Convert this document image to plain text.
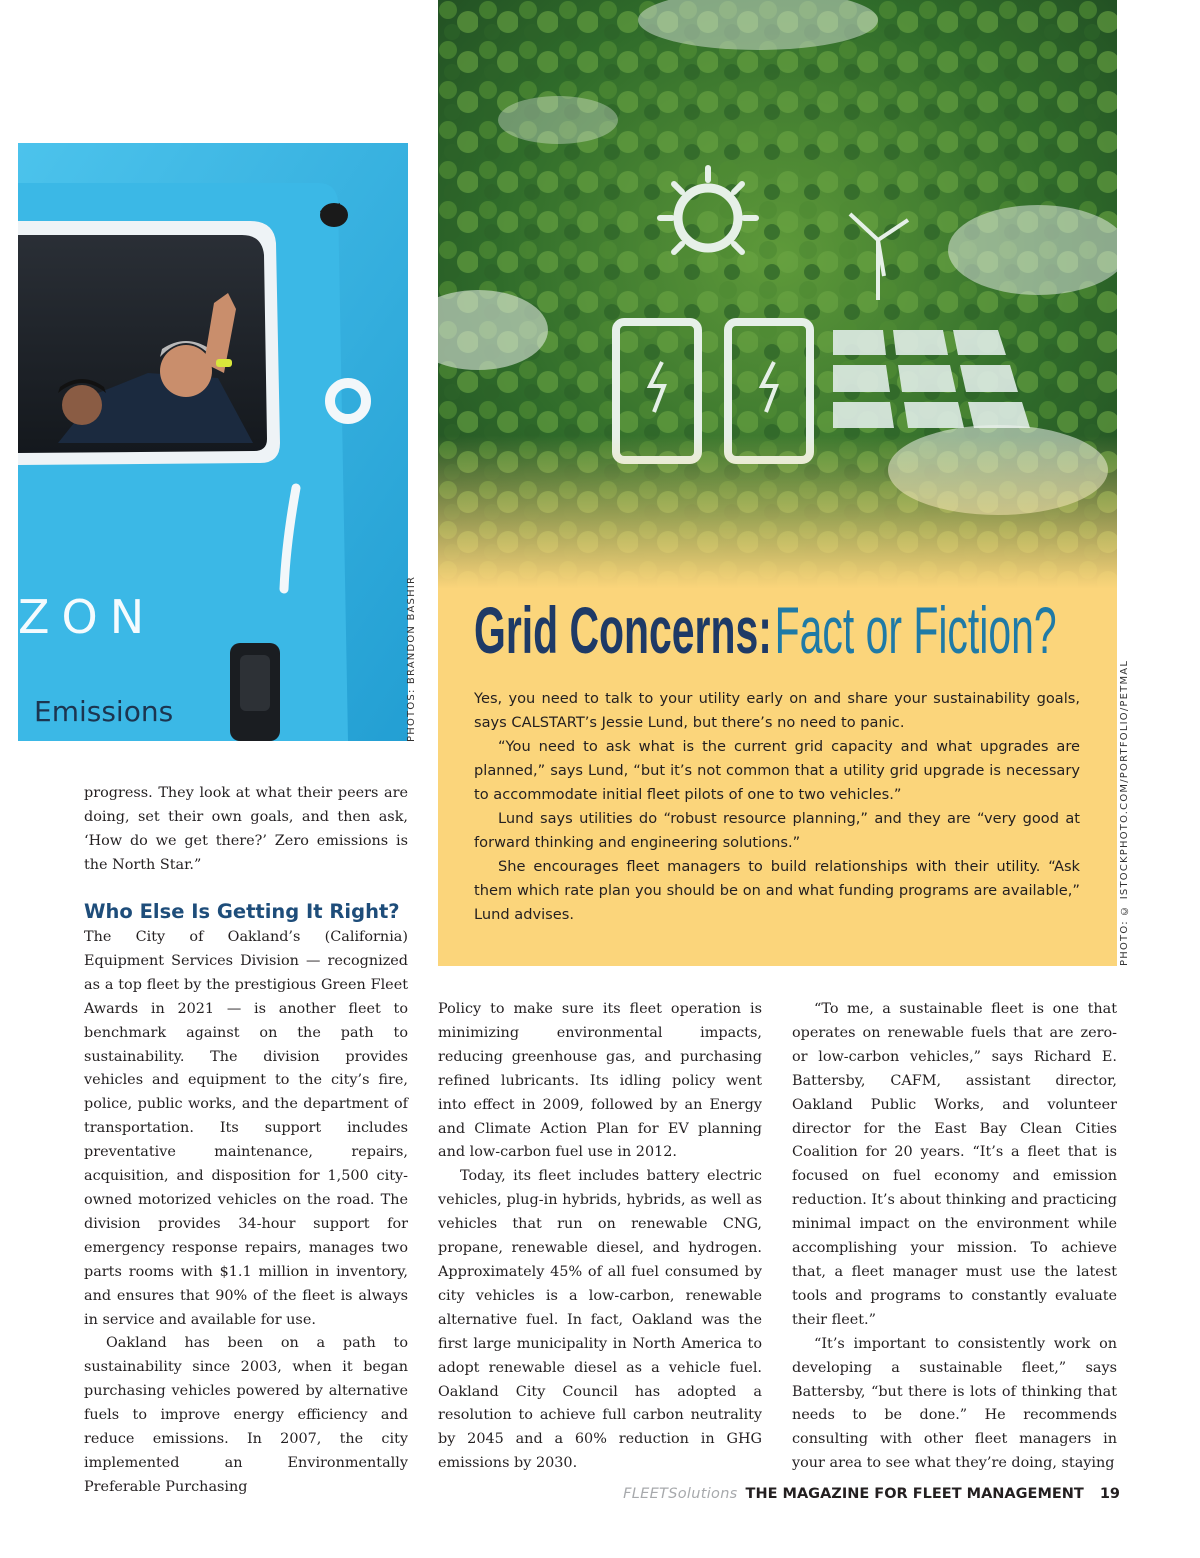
ZON
Emissions	PHOTOS: BRANDON BASHIR Grid Concerns: Fact or Fiction?

Yes, you need to talk to your utility early on and share your sustainability goals, says CALSTART’s Jessie Lund, but there’s no need to panic.

“You need to ask what is the current grid capacity and what upgrades are planned,” says Lund, “but it’s not common that a utility grid upgrade is necessary to accommodate initial fleet pilots of one to two vehicles.”

Lund says utilities do “robust resource planning,” and they are “very good at forward thinking and engineering solutions.”

She encourages fleet managers to build relationships with their utility. “Ask them which rate plan you should be on and what funding programs are available,” Lund advises.	PHOTO: © ISTOCKPHOTO.COM/PORTFOLIO/PETMAL

progress. They look at what their peers are doing, set their own goals, and then ask, ‘How do we get there?’ Zero emissions is the North Star.”

Who Else Is Getting It Right?

The City of Oakland’s (California) Equipment Services Division — recognized as a top fleet by the prestigious Green Fleet Awards in 2021 — is another fleet to benchmark against on the path to sustainability. The division provides vehicles and equipment to the city’s fire, police, public works, and the department of transportation. Its support includes preventative maintenance, repairs, acquisition, and disposition for 1,500 city-owned motorized vehicles on the road. The division provides 34-hour support for emergency response repairs, manages two parts rooms with $1.1 million in inventory, and ensures that 90% of the fleet is always in service and available for use.

Oakland has been on a path to sustainability since 2003, when it began purchasing vehicles powered by alternative fuels to improve energy efficiency and reduce emissions. In 2007, the city implemented an Environmentally Preferable Purchasing

Policy to make sure its fleet operation is minimizing environmental impacts, reducing greenhouse gas, and purchasing refined lubricants. Its idling policy went into effect in 2009, followed by an Energy and Climate Action Plan for EV planning and low-carbon fuel use in 2012.

Today, its fleet includes battery electric vehicles, plug-in hybrids, hybrids, as well as vehicles that run on renewable CNG, propane, renewable diesel, and hydrogen. Approximately 45% of all fuel consumed by city vehicles is a low-carbon, renewable alternative fuel. In fact, Oakland was the first large municipality in North America to adopt renewable diesel as a vehicle fuel. Oakland City Council has adopted a resolution to achieve full carbon neutrality by 2045 and a 60% reduction in GHG emissions by 2030.

“To me, a sustainable fleet is one that operates on renewable fuels that are zero- or low-carbon vehicles,” says Richard E. Battersby, CAFM, assistant director, Oakland Public Works, and volunteer director for the East Bay Clean Cities Coalition for 20 years. “It’s a fleet that is focused on fuel economy and emission reduction. It’s about thinking and practicing minimal impact on the environment while accomplishing your mission. To achieve that, a fleet manager must use the latest tools and programs to constantly evaluate their fleet.”

“It’s important to consistently work on developing a sustainable fleet,” says Battersby, “but there is lots of thinking that needs to be done.” He recommends consulting with other fleet managers in your area to see what they’re doing, staying

FLEETSolutions THE MAGAZINE FOR FLEET MANAGEMENT 19
